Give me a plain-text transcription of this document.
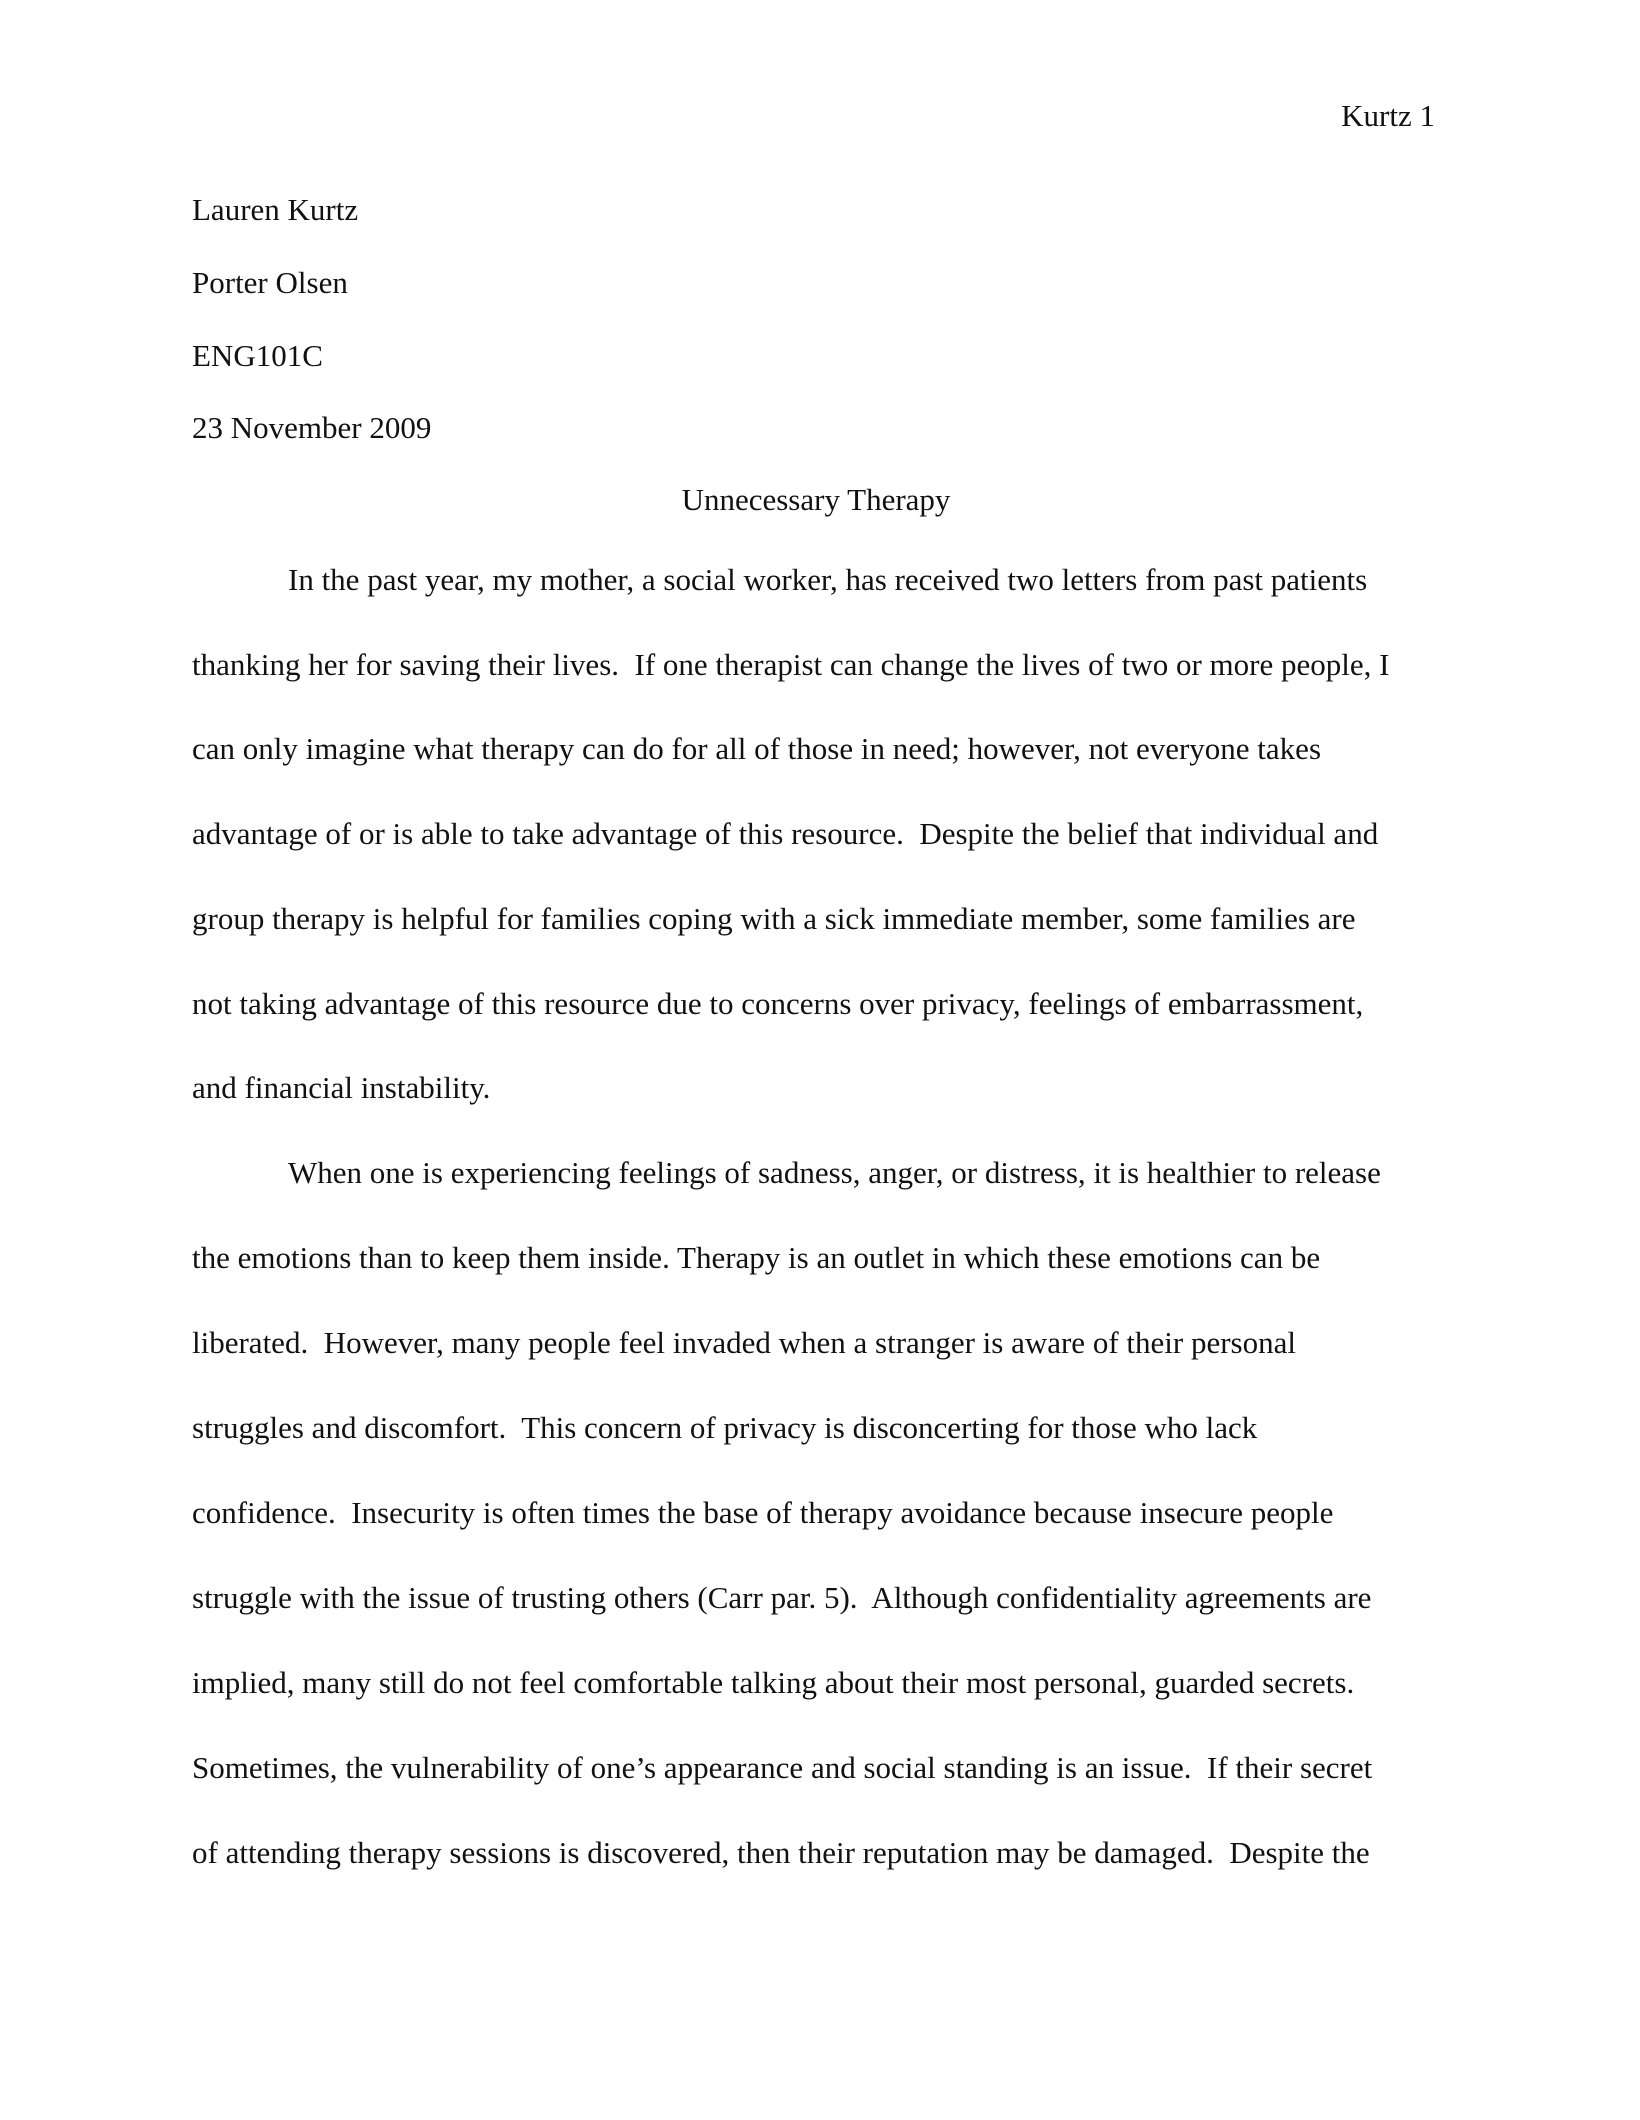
Kurtz 1
Lauren Kurtz
Porter Olsen
ENG101C
23 November 2009
Unnecessary Therapy
In the past year, my mother, a social worker, has received two letters from past patients
thanking her for saving their lives.  If one therapist can change the lives of two or more people, I
can only imagine what therapy can do for all of those in need; however, not everyone takes
advantage of or is able to take advantage of this resource.  Despite the belief that individual and
group therapy is helpful for families coping with a sick immediate member, some families are
not taking advantage of this resource due to concerns over privacy, feelings of embarrassment,
and financial instability.
When one is experiencing feelings of sadness, anger, or distress, it is healthier to release
the emotions than to keep them inside. Therapy is an outlet in which these emotions can be
liberated.  However, many people feel invaded when a stranger is aware of their personal
struggles and discomfort.  This concern of privacy is disconcerting for those who lack
confidence.  Insecurity is often times the base of therapy avoidance because insecure people
struggle with the issue of trusting others (Carr par. 5).  Although confidentiality agreements are
implied, many still do not feel comfortable talking about their most personal, guarded secrets.
Sometimes, the vulnerability of one’s appearance and social standing is an issue.  If their secret
of attending therapy sessions is discovered, then their reputation may be damaged.  Despite the
